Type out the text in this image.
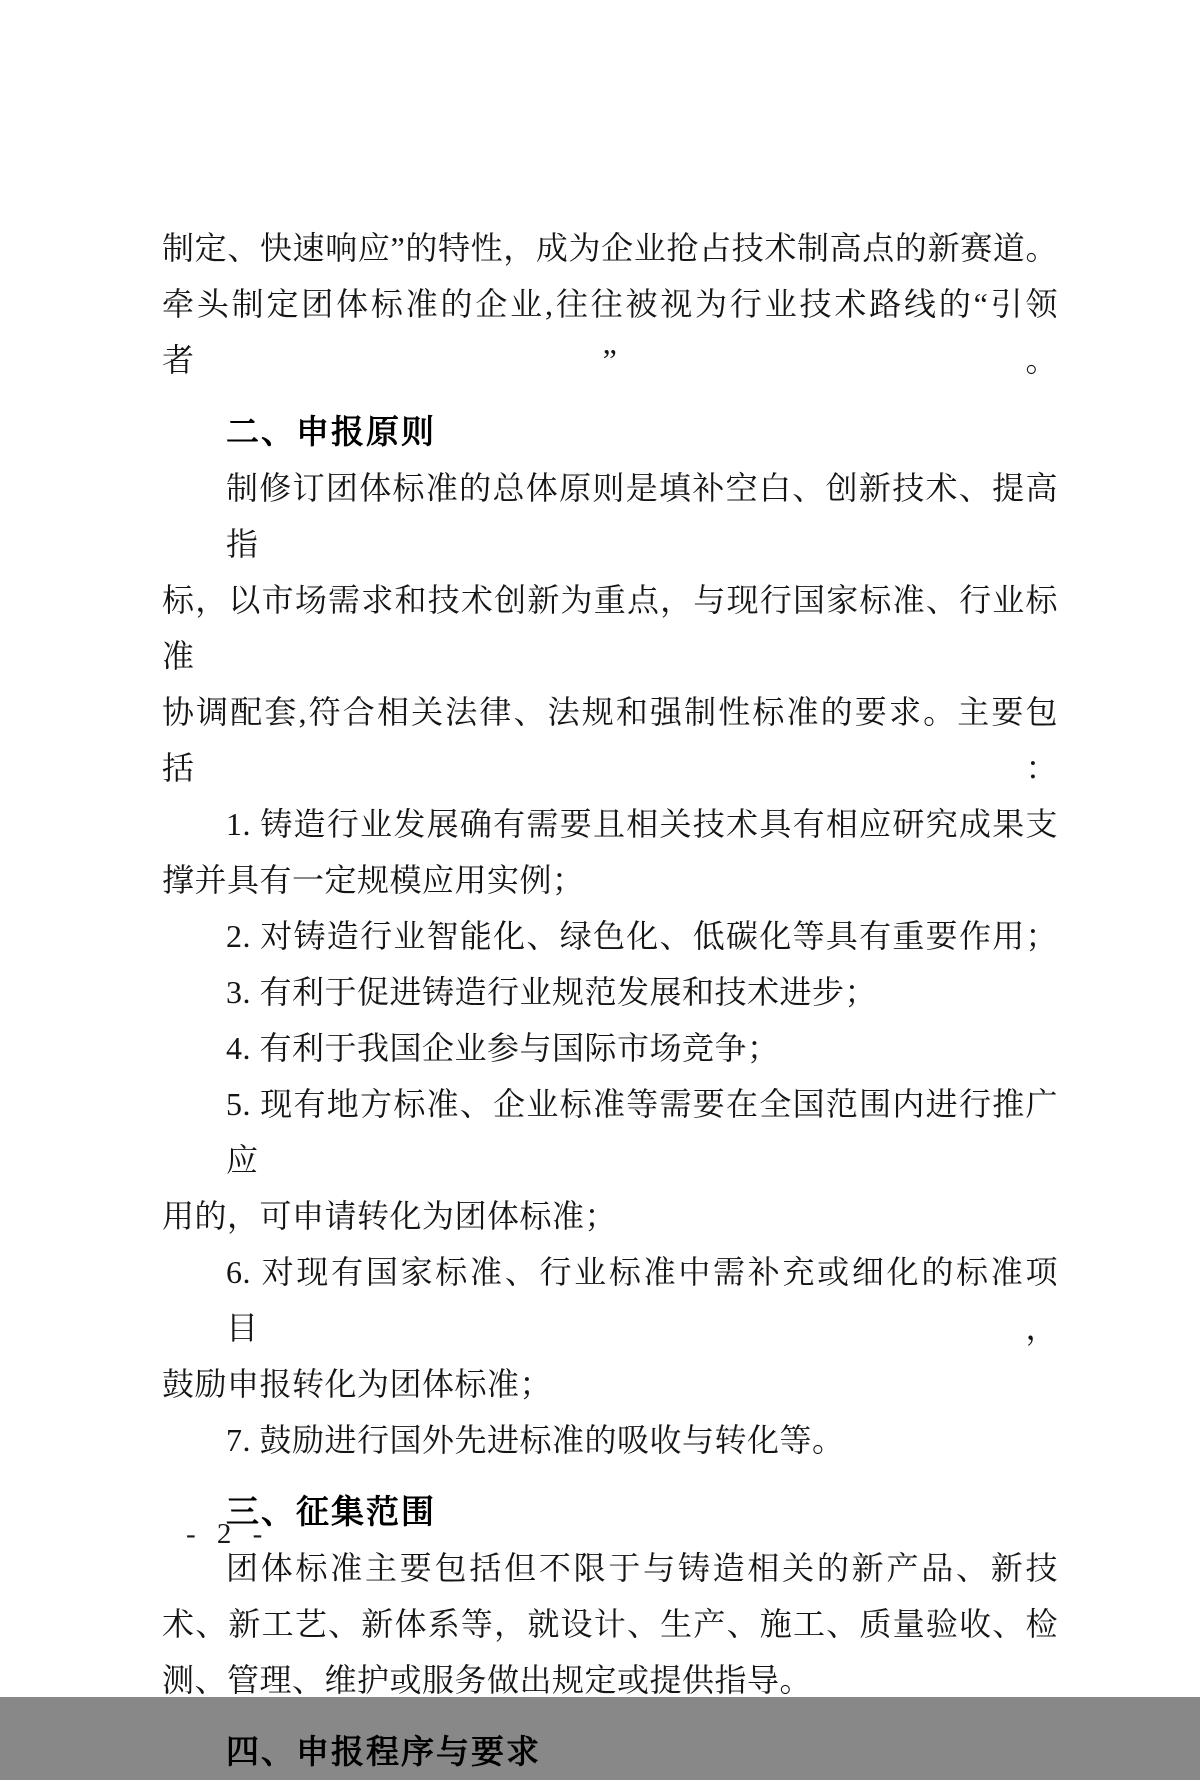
制定、快速响应”的特性，成为企业抢占技术制高点的新赛道。
牵头制定团体标准的企业,往往被视为行业技术路线的“引领者”。
二、申报原则
制修订团体标准的总体原则是填补空白、创新技术、提高指
标，以市场需求和技术创新为重点，与现行国家标准、行业标准
协调配套,符合相关法律、法规和强制性标准的要求。主要包括：
1. 铸造行业发展确有需要且相关技术具有相应研究成果支
撑并具有一定规模应用实例；
2. 对铸造行业智能化、绿色化、低碳化等具有重要作用；
3. 有利于促进铸造行业规范发展和技术进步；
4. 有利于我国企业参与国际市场竞争；
5. 现有地方标准、企业标准等需要在全国范围内进行推广应
用的，可申请转化为团体标准；
6. 对现有国家标准、行业标准中需补充或细化的标准项目，
鼓励申报转化为团体标准；
7. 鼓励进行国外先进标准的吸收与转化等。
三、征集范围
团体标准主要包括但不限于与铸造相关的新产品、新技
术、新工艺、新体系等，就设计、生产、施工、质量验收、检
测、管理、维护或服务做出规定或提供指导。
四、申报程序与要求
- 2 -
